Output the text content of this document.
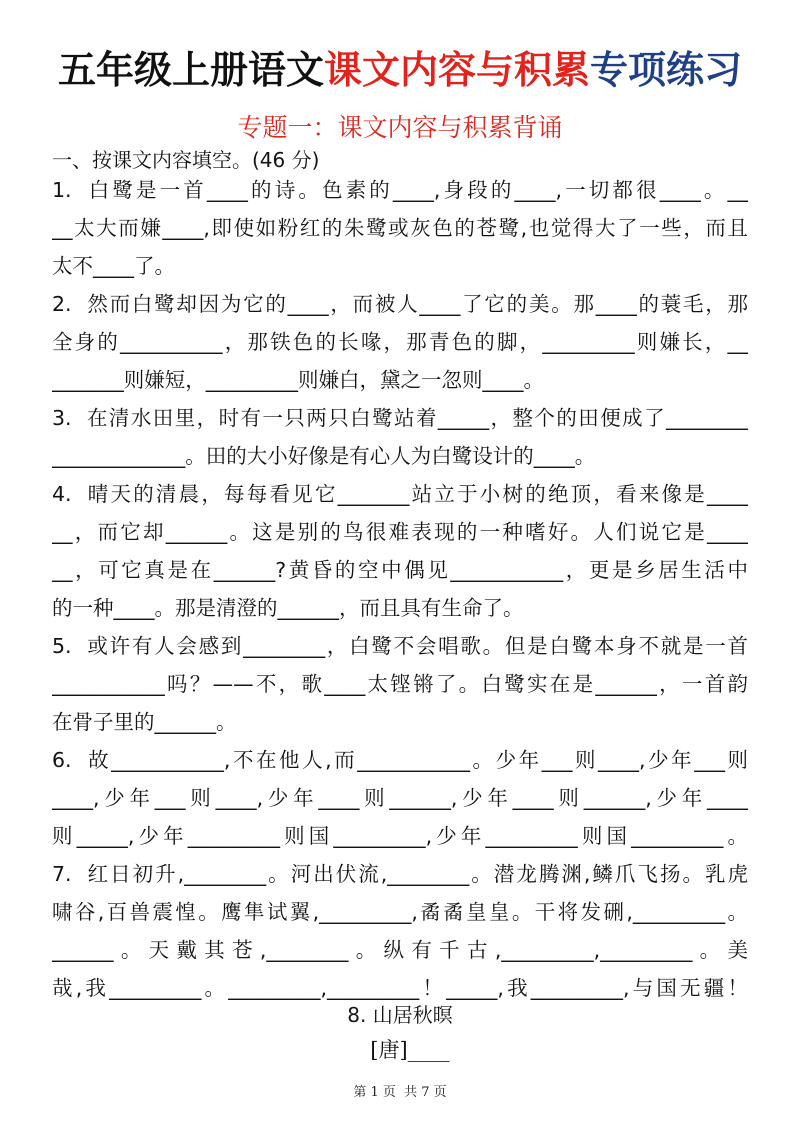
五年级上册语文课文内容与积累专项练习
专题一：课文内容与积累背诵
一、按课文内容填空。(46 分)
1. 白鹭是一首____的诗。色素的____,身段的____,一切都很____。__
__太大而嫌____,即使如粉红的朱鹭或灰色的苍鹭,也觉得大了一些，而且
太不____了。
2. 然而白鹭却因为它的____，而被人____了它的美。那____的蓑毛，那
全身的__________，那铁色的长喙，那青色的脚，_________则嫌长，__
_______则嫌短，_________则嫌白，黛之一忽则____。
3. 在清水田里，时有一只两只白鹭站着_____，整个的田便成了________
_____________。田的大小好像是有心人为白鹭设计的____。
4. 晴天的清晨，每每看见它_______站立于小树的绝顶，看来像是____
__，而它却______。这是别的鸟很难表现的一种嗜好。人们说它是____
__，可它真是在______?黄昏的空中偶见___________，更是乡居生活中
的一种____。那是清澄的______，而且具有生命了。
5. 或许有人会感到________，白鹭不会唱歌。但是白鹭本身不就是一首
___________吗？——不，歌____太铿锵了。白鹭实在是______，一首韵
在骨子里的______。
6. 故___________,不在他人,而___________。少年___则____,少年___则
____,少年___则____,少年____则______,少年____则______,少年____
则_____,少年_________则国_________,少年_________则国_________。
7. 红日初升,________。河出伏流,________。潜龙腾渊,鳞爪飞扬。乳虎
啸谷,百兽震惶。鹰隼试翼,_________,矞矞皇皇。干将发硎,_________。
______。天戴其苍,________。纵有千古,_________,_________。美
哉,我_________。_________,_________！_____,我_________,与国无疆！
8. 山居秋暝
[唐]____
第 1 页  共 7 页
